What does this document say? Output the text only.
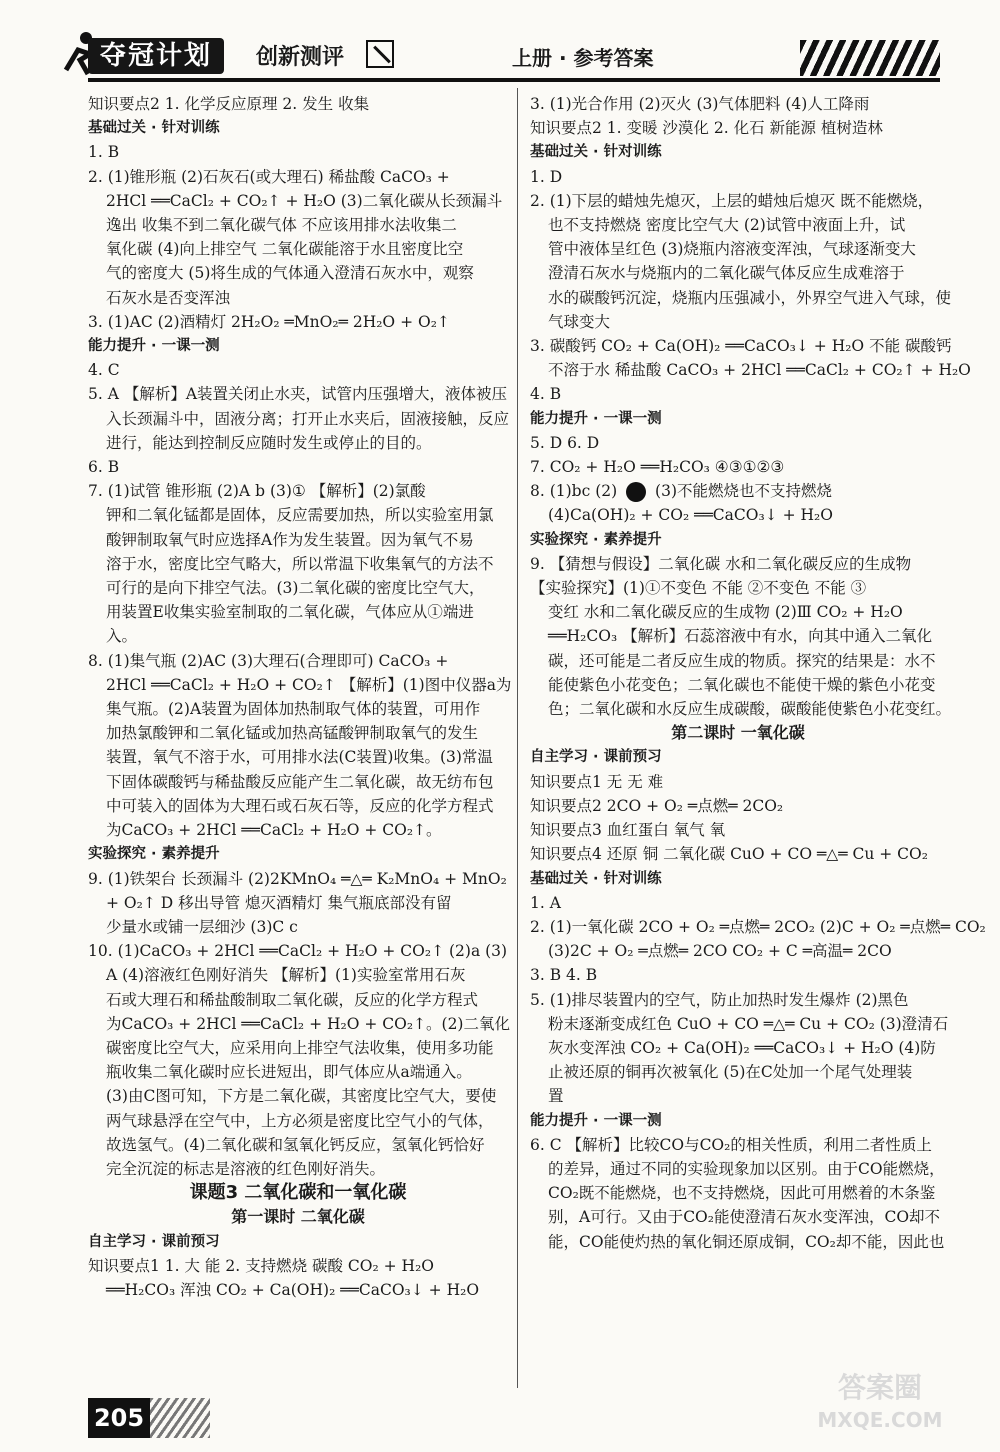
夺冠计划	创新测评	上册 · 参考答案
知识要点2 1. 化学反应原理 2. 发生 收集
基础过关 · 针对训练
1. B
2. (1)锥形瓶 (2)石灰石(或大理石) 稀盐酸 CaCO₃ +
2HCl ══CaCl₂ + CO₂↑ + H₂O (3)二氧化碳从长颈漏斗
逸出 收集不到二氧化碳气体 不应该用排水法收集二
氧化碳 (4)向上排空气 二氧化碳能溶于水且密度比空
气的密度大 (5)将生成的气体通入澄清石灰水中，观察
石灰水是否变浑浊
3. (1)AC (2)酒精灯 2H₂O₂ ═MnO₂═ 2H₂O + O₂↑
能力提升 · 一课一测
4. C
5. A 【解析】A装置关闭止水夹，试管内压强增大，液体被压
入长颈漏斗中，固液分离；打开止水夹后，固液接触，反应
进行，能达到控制反应随时发生或停止的目的。
6. B
7. (1)试管 锥形瓶 (2)A b (3)① 【解析】(2)氯酸
钾和二氧化锰都是固体，反应需要加热，所以实验室用氯
酸钾制取氧气时应选择A作为发生装置。因为氧气不易
溶于水，密度比空气略大，所以常温下收集氧气的方法不
可行的是向下排空气法。(3)二氧化碳的密度比空气大，
用装置E收集实验室制取的二氧化碳，气体应从①端进
入。
8. (1)集气瓶 (2)AC (3)大理石(合理即可) CaCO₃ +
2HCl ══CaCl₂ + H₂O + CO₂↑ 【解析】(1)图中仪器a为
集气瓶。(2)A装置为固体加热制取气体的装置，可用作
加热氯酸钾和二氧化锰或加热高锰酸钾制取氧气的发生
装置，氧气不溶于水，可用排水法(C装置)收集。(3)常温
下固体碳酸钙与稀盐酸反应能产生二氧化碳，故无纺布包
中可装入的固体为大理石或石灰石等，反应的化学方程式
为CaCO₃ + 2HCl ══CaCl₂ + H₂O + CO₂↑。
实验探究 · 素养提升
9. (1)铁架台 长颈漏斗 (2)2KMnO₄ ═△═ K₂MnO₄ + MnO₂
+ O₂↑ D 移出导管 熄灭酒精灯 集气瓶底部没有留
少量水或铺一层细沙 (3)C c
10. (1)CaCO₃ + 2HCl ══CaCl₂ + H₂O + CO₂↑ (2)a (3)
A (4)溶液红色刚好消失 【解析】(1)实验室常用石灰
石或大理石和稀盐酸制取二氧化碳，反应的化学方程式
为CaCO₃ + 2HCl ══CaCl₂ + H₂O + CO₂↑。(2)二氧化
碳密度比空气大，应采用向上排空气法收集，使用多功能
瓶收集二氧化碳时应长进短出，即气体应从a端通入。
(3)由C图可知，下方是二氧化碳，其密度比空气大，要使
两气球悬浮在空气中，上方必须是密度比空气小的气体，
故选氢气。(4)二氧化碳和氢氧化钙反应，氢氧化钙恰好
完全沉淀的标志是溶液的红色刚好消失。
课题3 二氧化碳和一氧化碳
第一课时 二氧化碳
自主学习 · 课前预习
知识要点1 1. 大 能 2. 支持燃烧 碳酸 CO₂ + H₂O
══H₂CO₃ 浑浊 CO₂ + Ca(OH)₂ ══CaCO₃↓ + H₂O
3. (1)光合作用 (2)灭火 (3)气体肥料 (4)人工降雨
知识要点2 1. 变暖 沙漠化 2. 化石 新能源 植树造林
基础过关 · 针对训练
1. D
2. (1)下层的蜡烛先熄灭，上层的蜡烛后熄灭 既不能燃烧，
也不支持燃烧 密度比空气大 (2)试管中液面上升，试
管中液体呈红色 (3)烧瓶内溶液变浑浊，气球逐渐变大
澄清石灰水与烧瓶内的二氧化碳气体反应生成难溶于
水的碳酸钙沉淀，烧瓶内压强减小，外界空气进入气球，使
气球变大
3. 碳酸钙 CO₂ + Ca(OH)₂ ══CaCO₃↓ + H₂O 不能 碳酸钙
不溶于水 稀盐酸 CaCO₃ + 2HCl ══CaCl₂ + CO₂↑ + H₂O
4. B
能力提升 · 一课一测
5. D 6. D
7. CO₂ + H₂O ══H₂CO₃ ④③①②③
8. (1)bc (2) (3)不能燃烧也不支持燃烧
(4)Ca(OH)₂ + CO₂ ══CaCO₃↓ + H₂O
实验探究 · 素养提升
9. 【猜想与假设】二氧化碳 水和二氧化碳反应的生成物
【实验探究】(1)①不变色 不能 ②不变色 不能 ③
变红 水和二氧化碳反应的生成物 (2)Ⅲ CO₂ + H₂O
══H₂CO₃ 【解析】石蕊溶液中有水，向其中通入二氧化
碳，还可能是二者反应生成的物质。探究的结果是：水不
能使紫色小花变色；二氧化碳也不能使干燥的紫色小花变
色；二氧化碳和水反应生成碳酸，碳酸能使紫色小花变红。
第二课时 一氧化碳
自主学习 · 课前预习
知识要点1 无 无 难
知识要点2 2CO + O₂ ═点燃═ 2CO₂
知识要点3 血红蛋白 氧气 氧
知识要点4 还原 铜 二氧化碳 CuO + CO ═△═ Cu + CO₂
基础过关 · 针对训练
1. A
2. (1)一氧化碳 2CO + O₂ ═点燃═ 2CO₂ (2)C + O₂ ═点燃═ CO₂
(3)2C + O₂ ═点燃═ 2CO CO₂ + C ═高温═ 2CO
3. B 4. B
5. (1)排尽装置内的空气，防止加热时发生爆炸 (2)黑色
粉末逐渐变成红色 CuO + CO ═△═ Cu + CO₂ (3)澄清石
灰水变浑浊 CO₂ + Ca(OH)₂ ══CaCO₃↓ + H₂O (4)防
止被还原的铜再次被氧化 (5)在C处加一个尾气处理装
置
能力提升 · 一课一测
6. C 【解析】比较CO与CO₂的相关性质，利用二者性质上
的差异，通过不同的实验现象加以区别。由于CO能燃烧，
CO₂既不能燃烧，也不支持燃烧，因此可用燃着的木条鉴
别，A可行。又由于CO₂能使澄清石灰水变浑浊，CO却不
能，CO能使灼热的氧化铜还原成铜，CO₂却不能，因此也
205
答案圈
MXQE.COM
